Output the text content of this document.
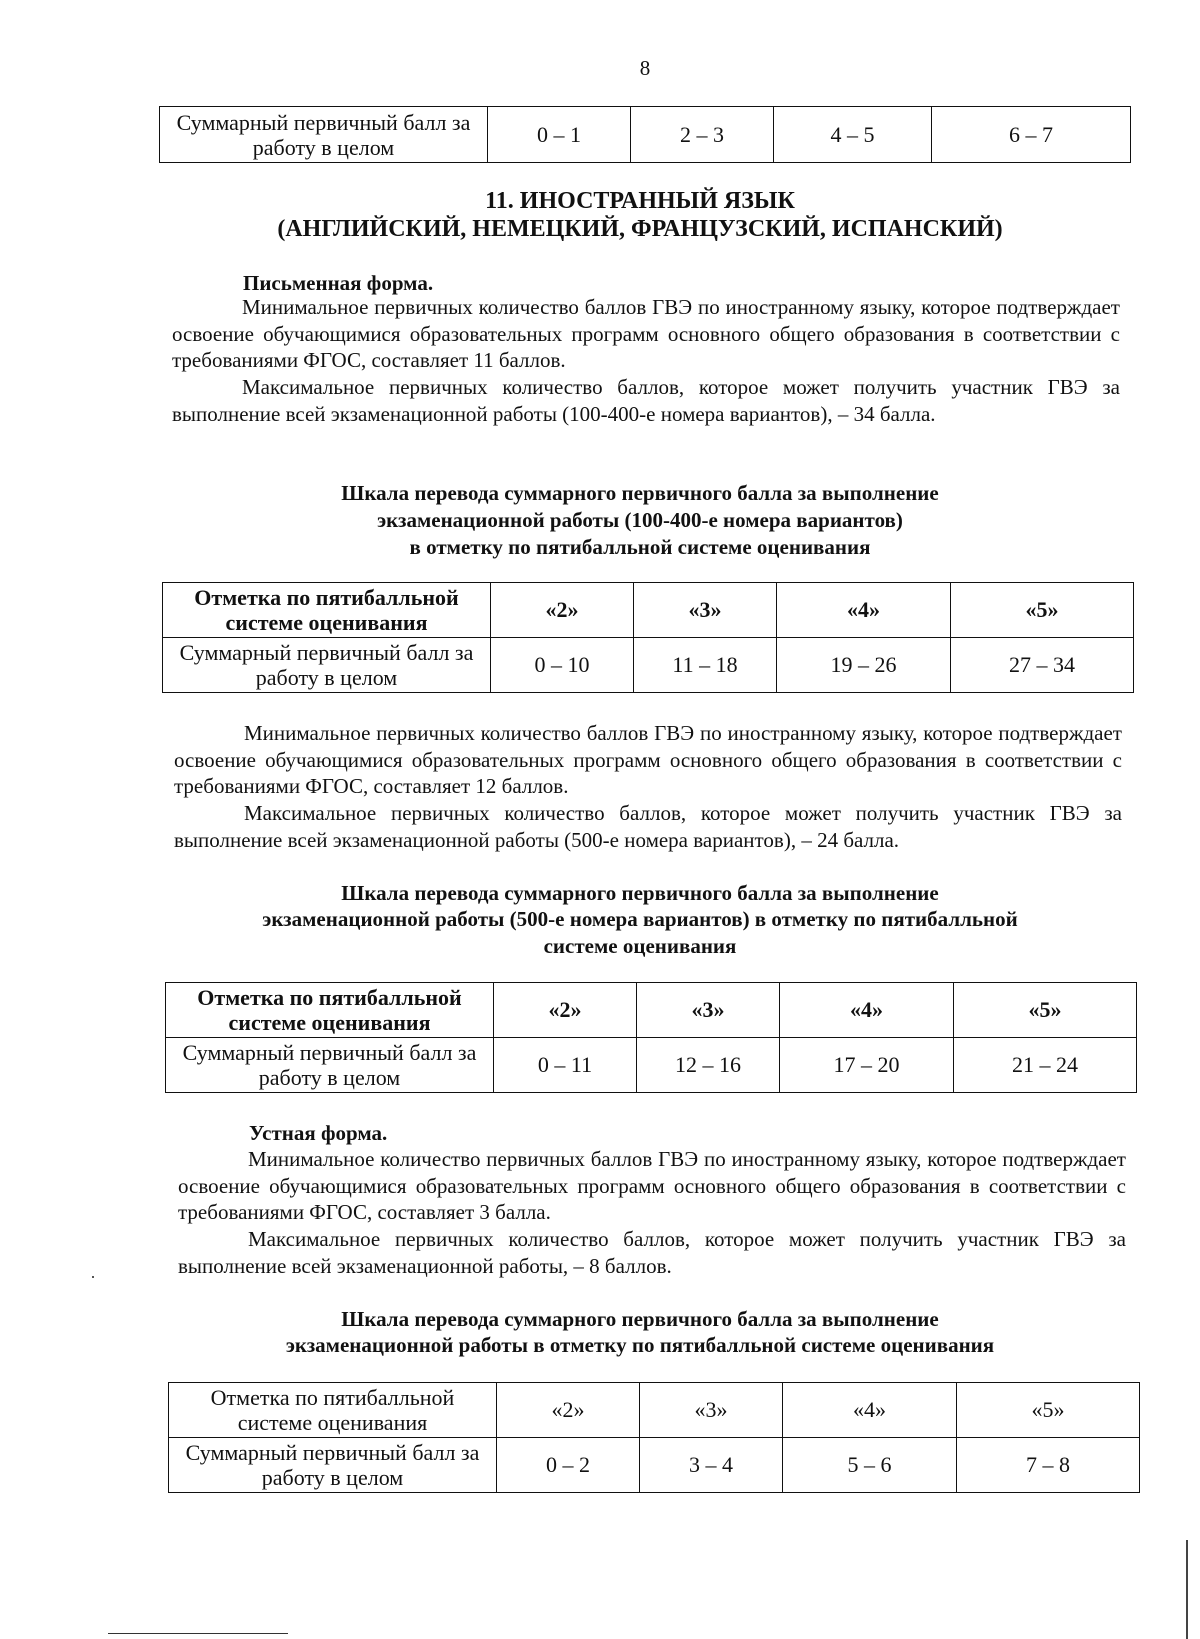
8
Суммарный первичный балл за работу в целом	0 – 1	2 – 3	4 – 5	6 – 7

11. ИНОСТРАННЫЙ ЯЗЫК

(АНГЛИЙСКИЙ, НЕМЕЦКИЙ, ФРАНЦУЗСКИЙ, ИСПАНСКИЙ)

Письменная форма.

Минимальное первичных количество баллов ГВЭ по иностранному языку, которое подтверждает освоение обучающимися образовательных программ основного общего образования в соответствии с требованиями ФГОС, составляет 11 баллов.

Максимальное первичных количество баллов, которое может получить участник ГВЭ за выполнение всей экзаменационной работы (100-400-е номера вариантов), – 34 балла.

Шкала перевода суммарного первичного балла за выполнение

экзаменационной работы (100-400-е номера вариантов)

в отметку по пятибалльной системе оценивания

Отметка по пятибалльной системе оценивания	«2»	«3»	«4»	«5»
Суммарный первичный балл за работу в целом	0 – 10	11 – 18	19 – 26	27 – 34

Минимальное первичных количество баллов ГВЭ по иностранному языку, которое подтверждает освоение обучающимися образовательных программ основного общего образования в соответствии с требованиями ФГОС, составляет 12 баллов.

Максимальное первичных количество баллов, которое может получить участник ГВЭ за выполнение всей экзаменационной работы (500-е номера вариантов), – 24 балла.

Шкала перевода суммарного первичного балла за выполнение

экзаменационной работы (500-е номера вариантов) в отметку по пятибалльной

системе оценивания

Отметка по пятибалльной системе оценивания	«2»	«3»	«4»	«5»
Суммарный первичный балл за работу в целом	0 – 11	12 – 16	17 – 20	21 – 24

Устная форма.

Минимальное количество первичных баллов ГВЭ по иностранному языку, которое подтверждает освоение обучающимися образовательных программ основного общего образования в соответствии с требованиями ФГОС, составляет 3 балла.

Максимальное первичных количество баллов, которое может получить участник ГВЭ за выполнение всей экзаменационной работы, – 8 баллов.

Шкала перевода суммарного первичного балла за выполнение

экзаменационной работы в отметку по пятибалльной системе оценивания

Отметка по пятибалльной системе оценивания	«2»	«3»	«4»	«5»
Суммарный первичный балл за работу в целом	0 – 2	3 – 4	5 – 6	7 – 8
